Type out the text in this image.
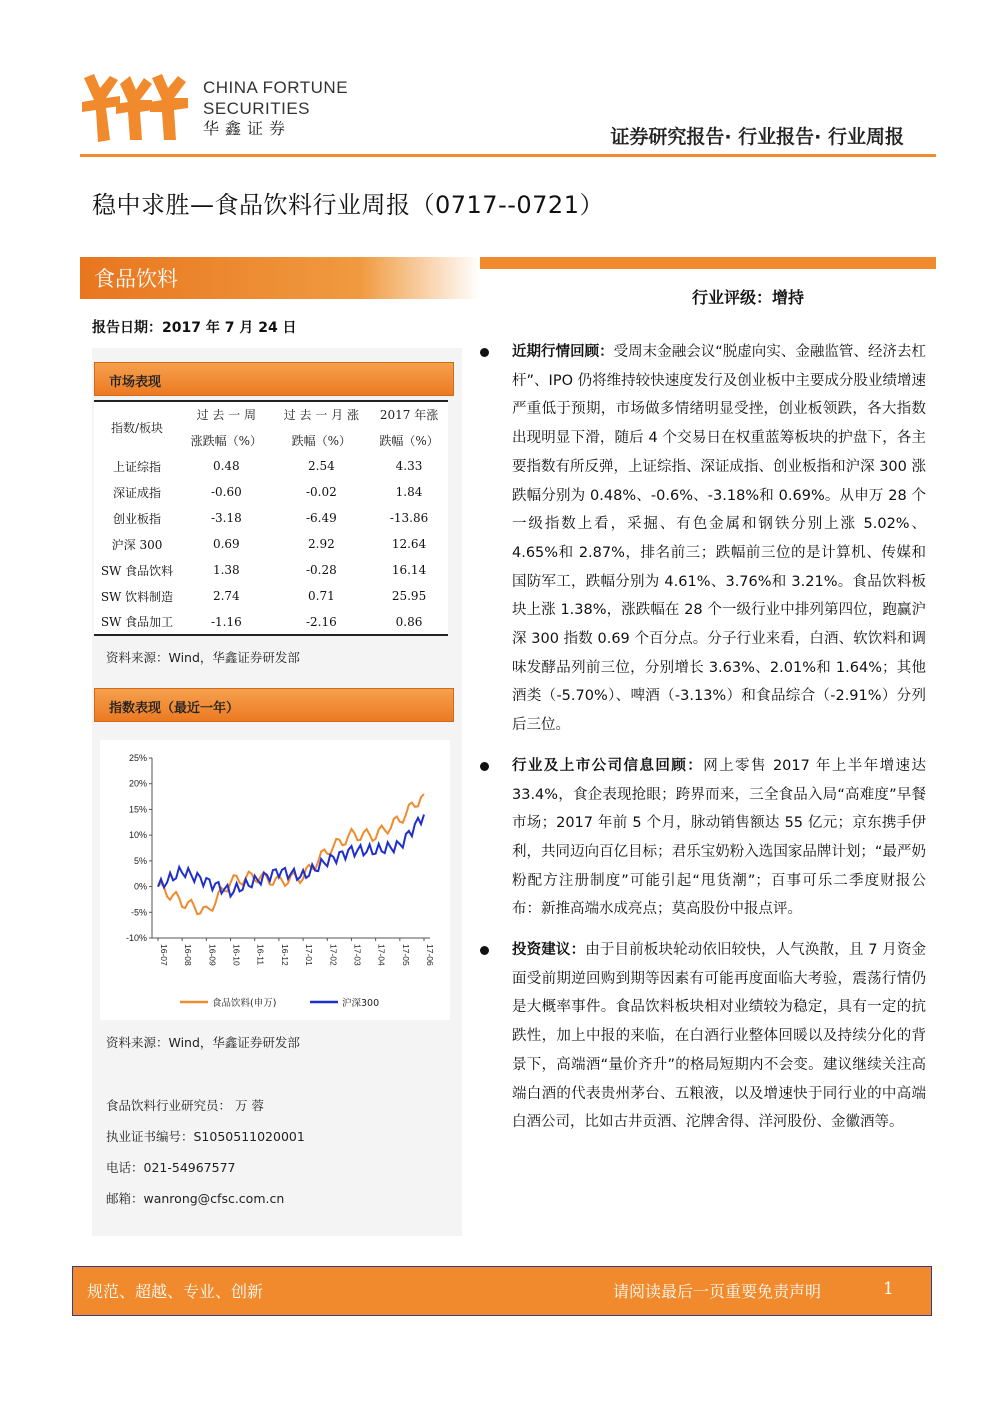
CHINA FORTUNE
SECURITIES
华鑫证券	证券研究报告· 行业报告· 行业周报
稳中求胜—食品饮料行业周报（0717--0721）
食品饮料
行业评级：增持
报告日期：2017 年 7 月 24 日
市场表现
指数/板块	过 去 一 周	过 去 一 月 涨	2017 年涨
	涨跌幅（%）	跌幅（%）	跌幅（%）
上证综指	0.48	2.54	4.33
深证成指	-0.60	-0.02	1.84
创业板指	-3.18	-6.49	-13.86
沪深 300	0.69	2.92	12.64
SW 食品饮料	1.38	-0.28	16.14
SW 饮料制造	2.74	0.71	25.95
SW 食品加工	-1.16	-2.16	0.86
资料来源：Wind，华鑫证券研发部
指数表现（最近一年）
25%
20%
15%
10%
5%
0%
-5%
-10%
16-07 16-08 16-09 16-10 16-11 16-12 17-01 17-02 17-03 17-04 17-05 17-06
食品饮料(申万)	沪深300
资料来源：Wind，华鑫证券研发部
食品饮料行业研究员： 万 蓉
执业证书编号：S1050511020001
电话：021-54967577
邮箱：wanrong@cfsc.com.cn
近期行情回顾：受周末金融会议“脱虚向实、金融监管、经济去杠杆”、IPO 仍将维持较快速度发行及创业板中主要成分股业绩增速严重低于预期，市场做多情绪明显受挫，创业板领跌，各大指数出现明显下滑，随后 4 个交易日在权重蓝筹板块的护盘下，各主要指数有所反弹，上证综指、深证成指、创业板指和沪深 300 涨跌幅分别为 0.48%、-0.6%、-3.18%和 0.69%。从申万 28 个一级指数上看，采掘、有色金属和钢铁分别上涨 5.02%、4.65%和 2.87%，排名前三；跌幅前三位的是计算机、传媒和国防军工，跌幅分别为 4.61%、3.76%和 3.21%。食品饮料板块上涨 1.38%，涨跌幅在 28 个一级行业中排列第四位，跑赢沪深 300 指数 0.69 个百分点。分子行业来看，白酒、软饮料和调味发酵品列前三位，分别增长 3.63%、2.01%和 1.64%；其他酒类（-5.70%）、啤酒（-3.13%）和食品综合（-2.91%）分列后三位。
行业及上市公司信息回顾：网上零售 2017 年上半年增速达 33.4%，食企表现抢眼；跨界而来，三全食品入局“高难度”早餐市场；2017 年前 5 个月，脉动销售额达 55 亿元；京东携手伊利，共同迈向百亿目标；君乐宝奶粉入选国家品牌计划；“最严奶粉配方注册制度”可能引起“甩货潮”；百事可乐二季度财报公布：新推高端水成亮点；莫高股份中报点评。
投资建议：由于目前板块轮动依旧较快，人气涣散，且 7 月资金面受前期逆回购到期等因素有可能再度面临大考验，震荡行情仍是大概率事件。食品饮料板块相对业绩较为稳定，具有一定的抗跌性，加上中报的来临，在白酒行业整体回暖以及持续分化的背景下，高端酒“量价齐升”的格局短期内不会变。建议继续关注高端白酒的代表贵州茅台、五粮液，以及增速快于同行业的中高端白酒公司，比如古井贡酒、沱牌舍得、洋河股份、金徽酒等。
规范、超越、专业、创新	请阅读最后一页重要免责声明	1
